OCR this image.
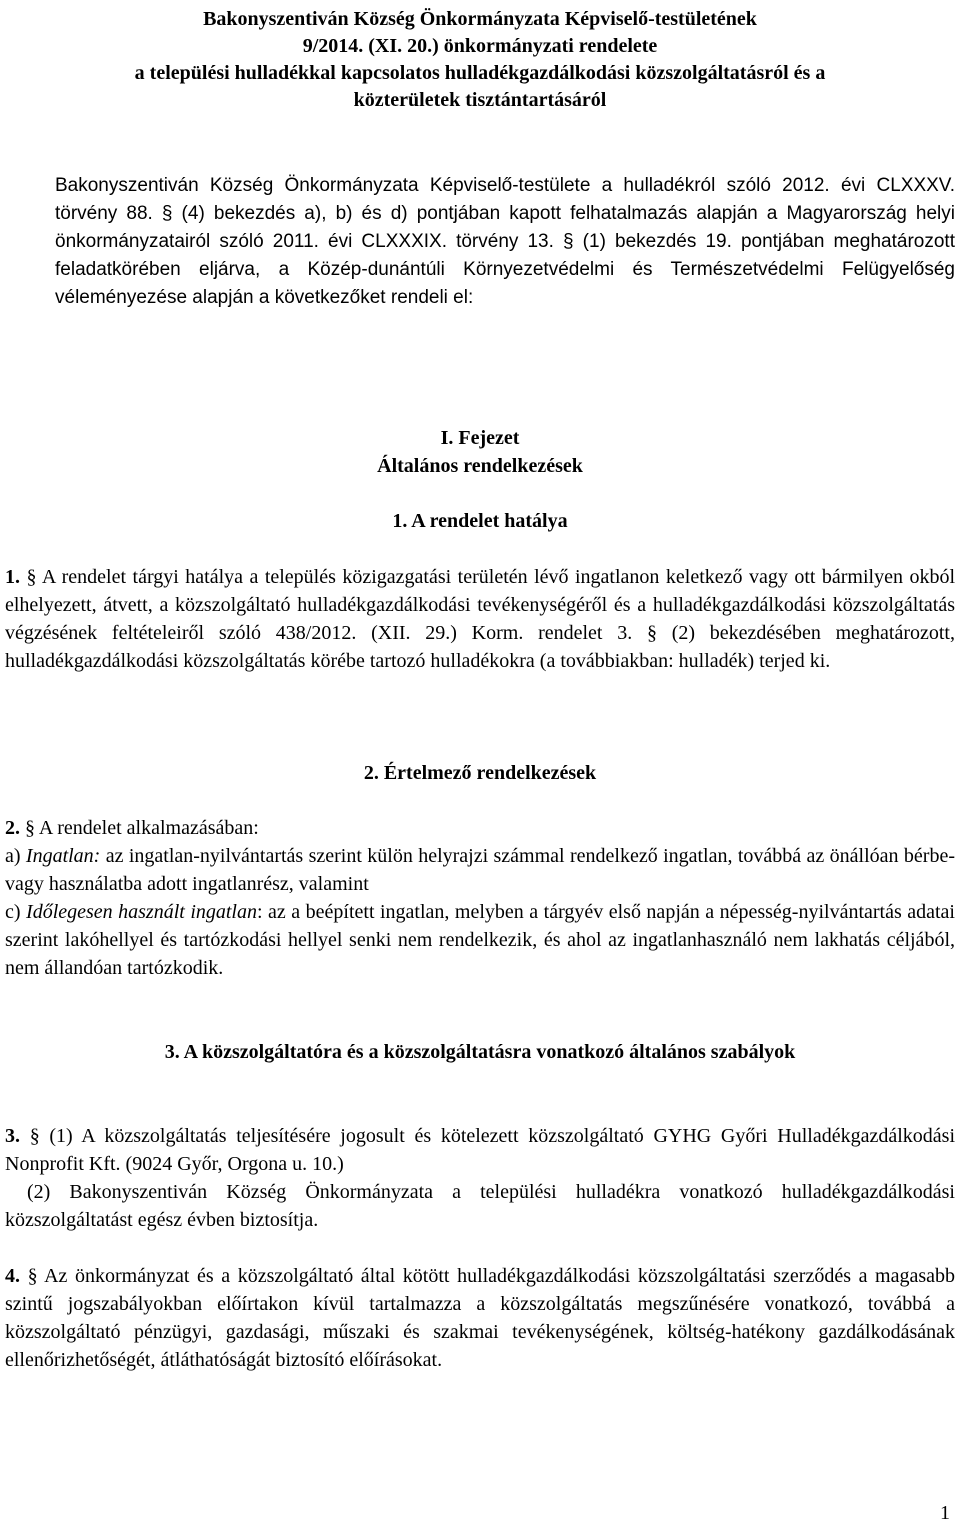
Bakonyszentiván Község Önkormányzata Képviselő-testületének
9/2014. (XI. 20.) önkormányzati rendelete
a települési hulladékkal kapcsolatos hulladékgazdálkodási közszolgáltatásról és a
közterületek tisztántartásáról
Bakonyszentiván Község Önkormányzata Képviselő-testülete a hulladékról szóló 2012. évi CLXXXV. törvény 88. § (4) bekezdés a), b) és d) pontjában kapott felhatalmazás alapján a Magyarország helyi önkormányzatairól szóló 2011. évi CLXXXIX. törvény 13. § (1) bekezdés 19. pontjában meghatározott feladatkörében eljárva, a Közép-dunántúli Környezetvédelmi és Természetvédelmi Felügyelőség véleményezése alapján a következőket rendeli el:
I. Fejezet
Általános rendelkezések
1. A rendelet hatálya
1. § A rendelet tárgyi hatálya a település közigazgatási területén lévő ingatlanon keletkező vagy ott bármilyen okból elhelyezett, átvett, a közszolgáltató hulladékgazdálkodási tevékenységéről és a hulladékgazdálkodási közszolgáltatás végzésének feltételeiről szóló 438/2012. (XII. 29.) Korm. rendelet 3. § (2) bekezdésében meghatározott, hulladékgazdálkodási közszolgáltatás körébe tartozó hulladékokra (a továbbiakban: hulladék) terjed ki.
2. Értelmező rendelkezések
2. § A rendelet alkalmazásában:
a) Ingatlan: az ingatlan-nyilvántartás szerint külön helyrajzi számmal rendelkező ingatlan, továbbá az önállóan bérbe- vagy használatba adott ingatlanrész, valamint
c) Időlegesen használt ingatlan: az a beépített ingatlan, melyben a tárgyév első napján a népesség-nyilvántartás adatai szerint lakóhellyel és tartózkodási hellyel senki nem rendelkezik, és ahol az ingatlanhasználó nem lakhatás céljából, nem állandóan tartózkodik.
3. A közszolgáltatóra és a közszolgáltatásra vonatkozó általános szabályok
3. § (1) A közszolgáltatás teljesítésére jogosult és kötelezett közszolgáltató GYHG Győri Hulladékgazdálkodási Nonprofit Kft. (9024 Győr, Orgona u. 10.)
(2) Bakonyszentiván Község Önkormányzata a települési hulladékra vonatkozó hulladékgazdálkodási közszolgáltatást egész évben biztosítja.
4. § Az önkormányzat és a közszolgáltató által kötött hulladékgazdálkodási közszolgáltatási szerződés a magasabb szintű jogszabályokban előírtakon kívül tartalmazza a közszolgáltatás megszűnésére vonatkozó, továbbá a közszolgáltató pénzügyi, gazdasági, műszaki és szakmai tevékenységének, költség-hatékony gazdálkodásának ellenőrizhetőségét, átláthatóságát biztosító előírásokat.
1
